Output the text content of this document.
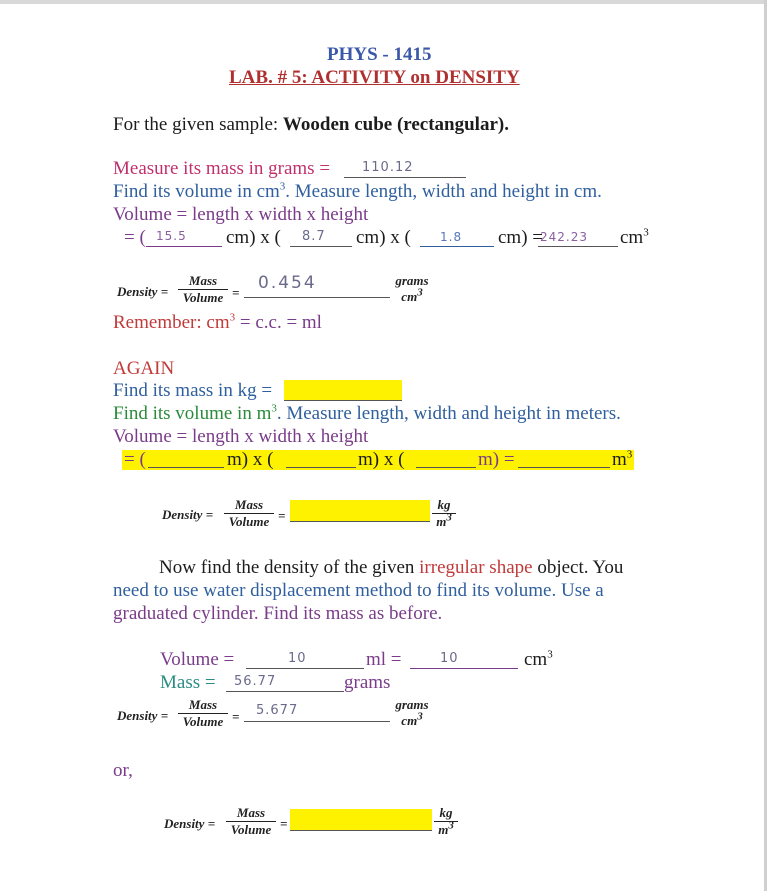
PHYS - 1415
LAB. # 5: ACTIVITY on DENSITY
For the given sample: Wooden cube (rectangular).
Measure its mass in grams = 110.12
Find its volume in $cm^3$. Measure length, width and height in cm.
Volume = length x width x height
= ( 15.5 cm) x ( 8.7 cm) x ( 1.8 cm) =
242.23 $cm^3$
Density =
Mass
Volume = 0.454	grams
$cm^3$
Remember: $cm^3 = c.c$. = ml
AGAIN
Find its mass in kg =
Find its volume in $m^3$. Measure length, width and height in meters.
Volume = length x width x height
= (	m) x (	m) x (	m) =	$m^3$
Density =
Mass
Volume =	$\frac{kg}{m^3}$
Now find the density of the given irregular shape object. You
need to use water displacement method to find its volume. Use a
graduated cylinder. Find its mass as before.
Volume =	10	ml =	10	$cm^3$
Mass = 56.77	grams
Density =
Mass
Volume = 5.677	grams
$cm^3$
or,
Density =
Mass
Volume =	$\frac{kg}{m^3}$
